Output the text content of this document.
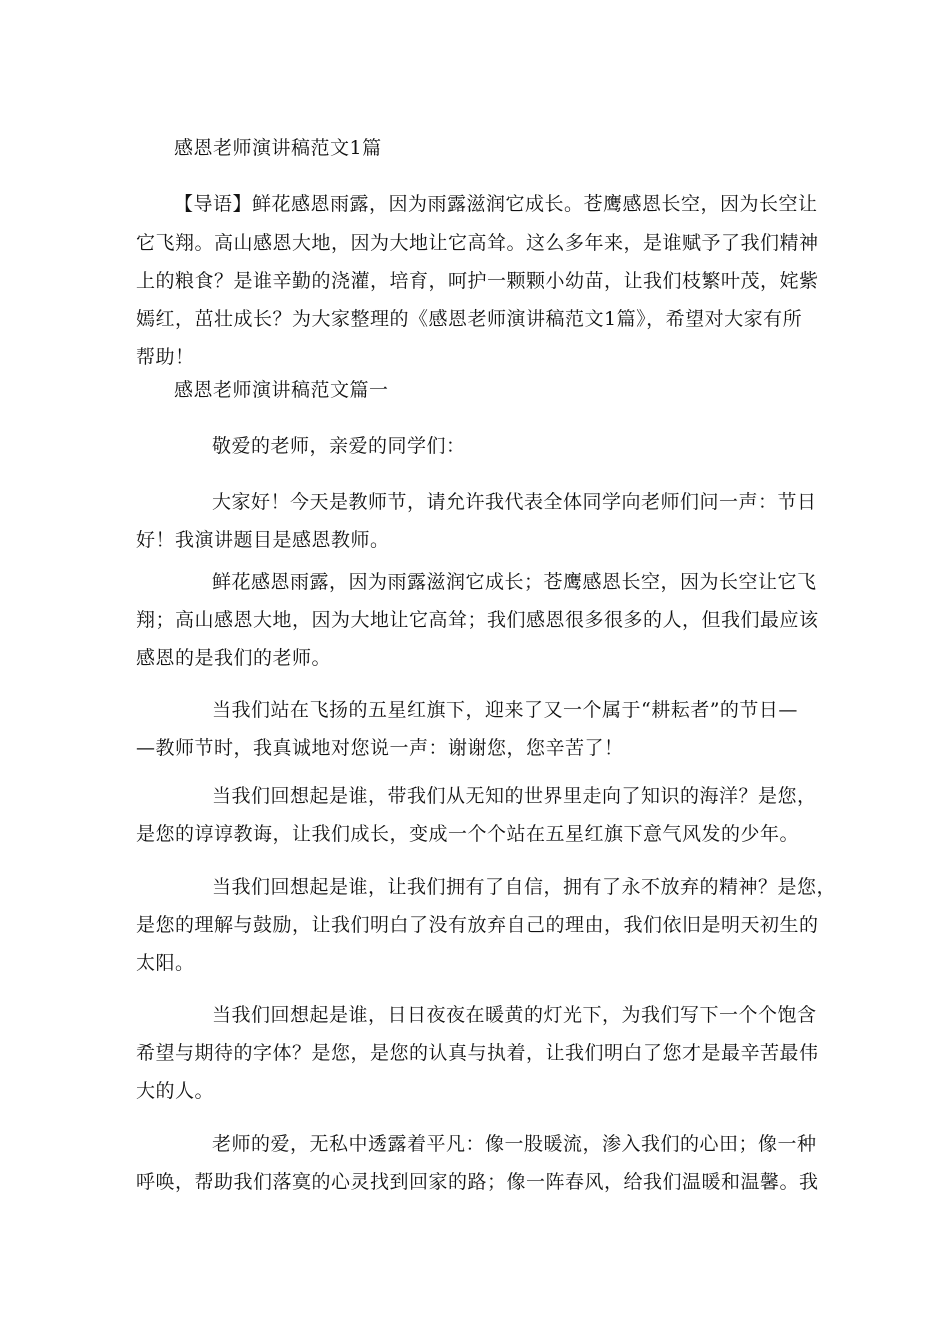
感恩老师演讲稿范文1篇

【导语】鲜花感恩雨露，因为雨露滋润它成长。苍鹰感恩长空，因为长空让

它飞翔。高山感恩大地，因为大地让它高耸。这么多年来，是谁赋予了我们精神

上的粮食？是谁辛勤的浇灌，培育，呵护一颗颗小幼苗，让我们枝繁叶茂，姹紫

嫣红，茁壮成长？为大家整理的《感恩老师演讲稿范文1篇》，希望对大家有所

帮助！

感恩老师演讲稿范文篇一

敬爱的老师，亲爱的同学们：

大家好！今天是教师节，请允许我代表全体同学向老师们问一声：节日

好！我演讲题目是感恩教师。

鲜花感恩雨露，因为雨露滋润它成长；苍鹰感恩长空，因为长空让它飞

翔；高山感恩大地，因为大地让它高耸；我们感恩很多很多的人，但我们最应该

感恩的是我们的老师。

当我们站在飞扬的五星红旗下，迎来了又一个属于“耕耘者”的节日—

—教师节时，我真诚地对您说一声：谢谢您，您辛苦了！

当我们回想起是谁，带我们从无知的世界里走向了知识的海洋？是您，

是您的谆谆教诲，让我们成长，变成一个个站在五星红旗下意气风发的少年。

当我们回想起是谁，让我们拥有了自信，拥有了永不放弃的精神？是您，

是您的理解与鼓励，让我们明白了没有放弃自己的理由，我们依旧是明天初生的

太阳。

当我们回想起是谁，日日夜夜在暖黄的灯光下，为我们写下一个个饱含

希望与期待的字体？是您，是您的认真与执着，让我们明白了您才是最辛苦最伟

大的人。

老师的爱，无私中透露着平凡：像一股暖流，渗入我们的心田；像一种

呼唤，帮助我们落寞的心灵找到回家的路；像一阵春风，给我们温暖和温馨。我
